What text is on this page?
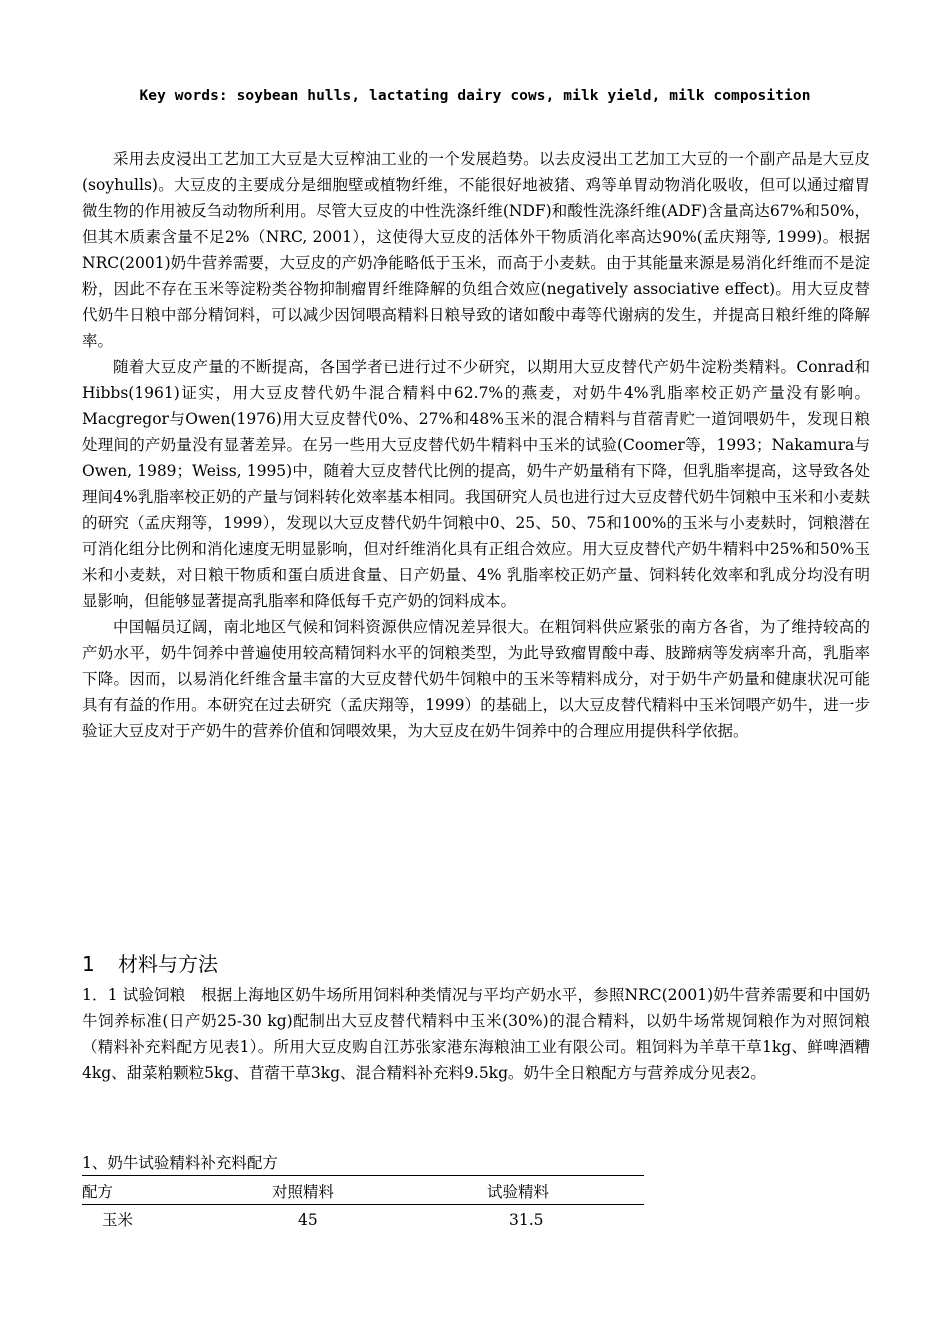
Key words: soybean hulls, lactating dairy cows, milk yield, milk composition

采用去皮浸出工艺加工大豆是大豆榨油工业的一个发展趋势。以去皮浸出工艺加工大豆的一个副产品是大豆皮(soyhulls)。大豆皮的主要成分是细胞壁或植物纤维，不能很好地被猪、鸡等单胃动物消化吸收，但可以通过瘤胃微生物的作用被反刍动物所利用。尽管大豆皮的中性洗涤纤维(NDF)和酸性洗涤纤维(ADF)含量高达67%和50%，但其木质素含量不足2%（NRC, 2001），这使得大豆皮的活体外干物质消化率高达90%(孟庆翔等, 1999)。根据NRC(2001)奶牛营养需要，大豆皮的产奶净能略低于玉米，而高于小麦麸。由于其能量来源是易消化纤维而不是淀粉，因此不存在玉米等淀粉类谷物抑制瘤胃纤维降解的负组合效应(negatively associative effect)。用大豆皮替代奶牛日粮中部分精饲料，可以减少因饲喂高精料日粮导致的诸如酸中毒等代谢病的发生，并提高日粮纤维的降解率。

随着大豆皮产量的不断提高，各国学者已进行过不少研究，以期用大豆皮替代产奶牛淀粉类精料。Conrad和Hibbs(1961)证实，用大豆皮替代奶牛混合精料中62.7%的燕麦，对奶牛4%乳脂率校正奶产量没有影响。Macgregor与Owen(1976)用大豆皮替代0%、27%和48%玉米的混合精料与苜蓿青贮一道饲喂奶牛，发现日粮处理间的产奶量没有显著差异。在另一些用大豆皮替代奶牛精料中玉米的试验(Coomer等，1993；Nakamura与Owen, 1989；Weiss, 1995)中，随着大豆皮替代比例的提高，奶牛产奶量稍有下降，但乳脂率提高，这导致各处理间4%乳脂率校正奶的产量与饲料转化效率基本相同。我国研究人员也进行过大豆皮替代奶牛饲粮中玉米和小麦麸的研究（孟庆翔等，1999），发现以大豆皮替代奶牛饲粮中0、25、50、75和100%的玉米与小麦麸时，饲粮潜在可消化组分比例和消化速度无明显影响，但对纤维消化具有正组合效应。用大豆皮替代产奶牛精料中25%和50%玉米和小麦麸，对日粮干物质和蛋白质进食量、日产奶量、4% 乳脂率校正奶产量、饲料转化效率和乳成分均没有明显影响，但能够显著提高乳脂率和降低每千克产奶的饲料成本。

中国幅员辽阔，南北地区气候和饲料资源供应情况差异很大。在粗饲料供应紧张的南方各省，为了维持较高的产奶水平，奶牛饲养中普遍使用较高精饲料水平的饲粮类型，为此导致瘤胃酸中毒、肢蹄病等发病率升高，乳脂率下降。因而，以易消化纤维含量丰富的大豆皮替代奶牛饲粮中的玉米等精料成分，对于奶牛产奶量和健康状况可能具有有益的作用。本研究在过去研究（孟庆翔等，1999）的基础上，以大豆皮替代精料中玉米饲喂产奶牛，进一步验证大豆皮对于产奶牛的营养价值和饲喂效果，为大豆皮在奶牛饲养中的合理应用提供科学依据。

1 材料与方法

1．1 试验饲粮　根据上海地区奶牛场所用饲料种类情况与平均产奶水平，参照NRC(2001)奶牛营养需要和中国奶牛饲养标准(日产奶25-30 kg)配制出大豆皮替代精料中玉米(30%)的混合精料，以奶牛场常规饲粮作为对照饲粮（精料补充料配方见表1）。所用大豆皮购自江苏张家港东海粮油工业有限公司。粗饲料为羊草干草1kg、鲜啤酒糟4kg、甜菜粕颗粒5kg、苜蓿干草3kg、混合精料补充料9.5kg。奶牛全日粮配方与营养成分见表2。

1、奶牛试验精料补充料配方
配方	对照精料	试验精料
玉米	45	31.5
